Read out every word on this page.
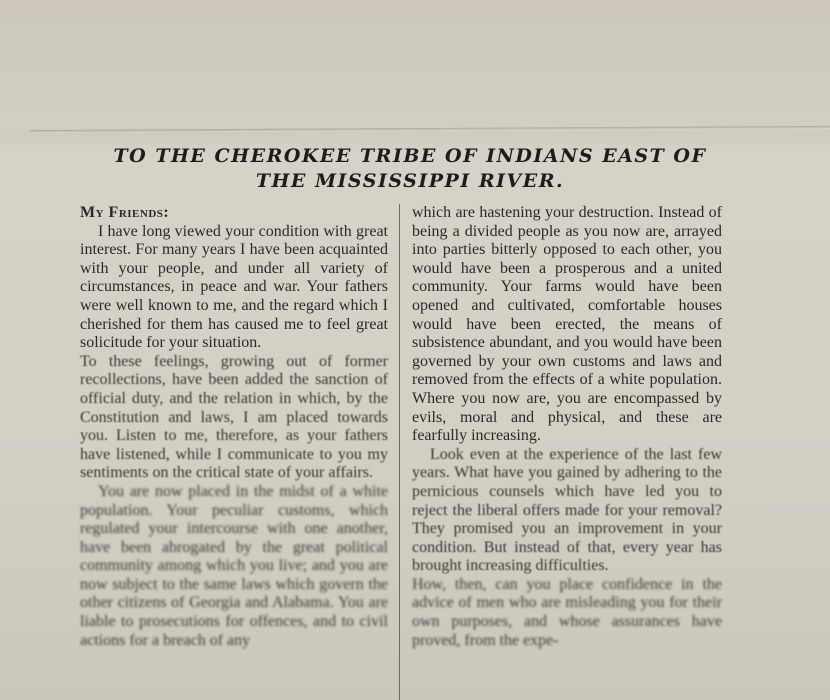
TO THE CHEROKEE TRIBE OF INDIANS EAST OF
THE MISSISSIPPI RIVER.
My Friends:

I have long viewed your condition with great interest. For many years I have been acquainted with your people, and under all variety of circumstances, in peace and war. Your fathers were well known to me, and the regard which I cherished for them has caused me to feel great solicitude for your situation.

To these feelings, growing out of former recollections, have been added the sanction of official duty, and the relation in which, by the Constitution and laws, I am placed towards you. Listen to me, therefore, as your fathers have listened, while I communicate to you my sentiments on the critical state of your affairs.

You are now placed in the midst of a white population. Your peculiar customs, which regulated your intercourse with one another, have been abrogated by the great political community among which you live; and you are now subject to the same laws which govern the other citizens of Georgia and Alabama. You are liable to prosecutions for offences, and to civil actions for a breach of any

which are hastening your destruction. Instead of being a divided people as you now are, arrayed into parties bitterly opposed to each other, you would have been a prosperous and a united community. Your farms would have been opened and cultivated, comfortable houses would have been erected, the means of subsistence abundant, and you would have been governed by your own customs and laws and removed from the effects of a white population. Where you now are, you are encompassed by evils, moral and physical, and these are fearfully increasing.

Look even at the experience of the last few years. What have you gained by adhering to the pernicious counsels which have led you to reject the liberal offers made for your removal? They promised you an improvement in your condition. But instead of that, every year has brought increasing difficulties.

How, then, can you place confidence in the advice of men who are misleading you for their own purposes, and whose assurances have proved, from the expe-
